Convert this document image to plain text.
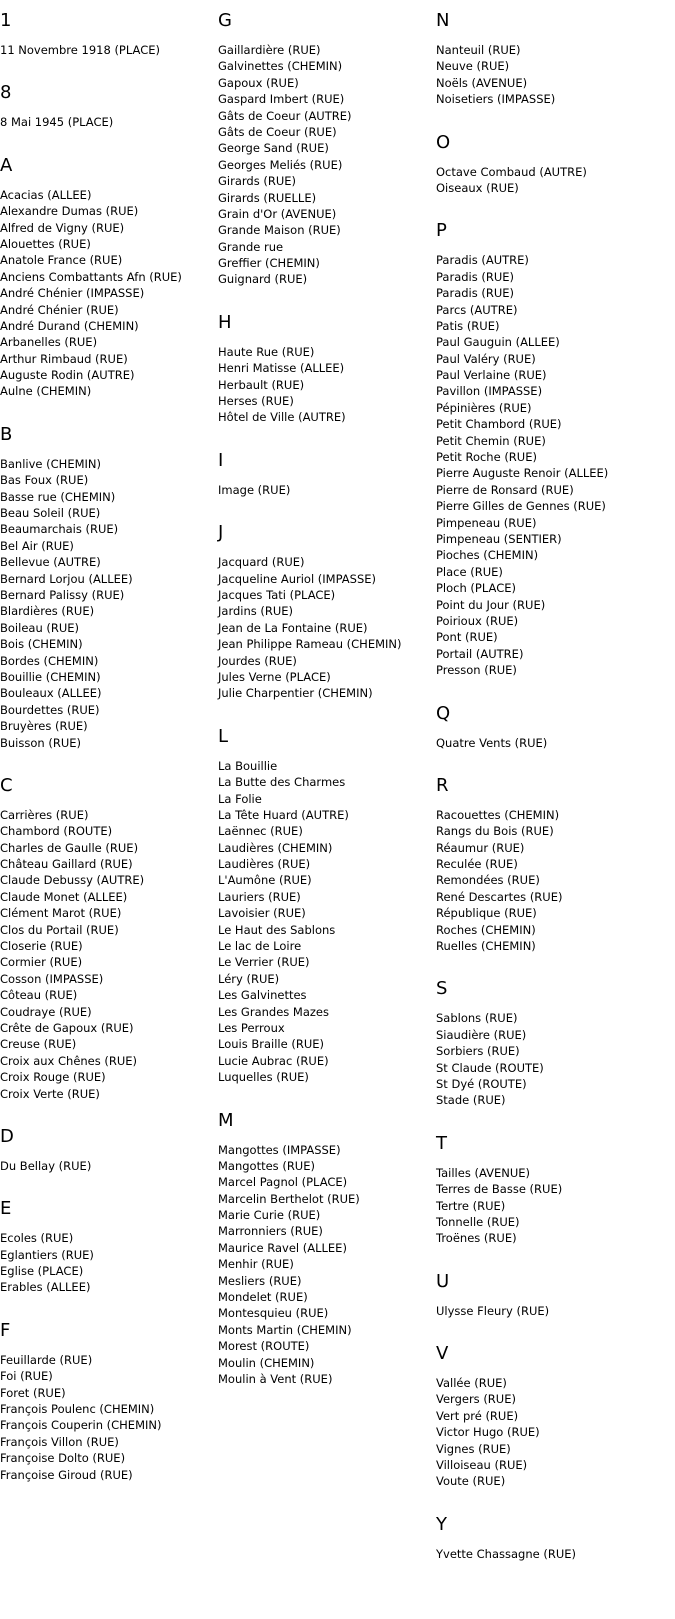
1
11 Novembre 1918 (PLACE)
8
8 Mai 1945 (PLACE)
A
Acacias (ALLEE)
Alexandre Dumas (RUE)
Alfred de Vigny (RUE)
Alouettes (RUE)
Anatole France (RUE)
Anciens Combattants Afn (RUE)
André Chénier (IMPASSE)
André Chénier (RUE)
André Durand (CHEMIN)
Arbanelles (RUE)
Arthur Rimbaud (RUE)
Auguste Rodin (AUTRE)
Aulne (CHEMIN)
B
Banlive (CHEMIN)
Bas Foux (RUE)
Basse rue (CHEMIN)
Beau Soleil (RUE)
Beaumarchais (RUE)
Bel Air (RUE)
Bellevue (AUTRE)
Bernard Lorjou (ALLEE)
Bernard Palissy (RUE)
Blardières (RUE)
Boileau (RUE)
Bois (CHEMIN)
Bordes (CHEMIN)
Bouillie (CHEMIN)
Bouleaux (ALLEE)
Bourdettes (RUE)
Bruyères (RUE)
Buisson (RUE)
C
Carrières (RUE)
Chambord (ROUTE)
Charles de Gaulle (RUE)
Château Gaillard (RUE)
Claude Debussy (AUTRE)
Claude Monet (ALLEE)
Clément Marot (RUE)
Clos du Portail (RUE)
Closerie (RUE)
Cormier (RUE)
Cosson (IMPASSE)
Côteau (RUE)
Coudraye (RUE)
Crête de Gapoux (RUE)
Creuse (RUE)
Croix aux Chênes (RUE)
Croix Rouge (RUE)
Croix Verte (RUE)
D
Du Bellay (RUE)
E
Ecoles (RUE)
Eglantiers (RUE)
Eglise (PLACE)
Erables (ALLEE)
F
Feuillarde (RUE)
Foi (RUE)
Foret (RUE)
François Poulenc (CHEMIN)
François Couperin (CHEMIN)
François Villon (RUE)
Françoise Dolto (RUE)
Françoise Giroud (RUE)
G
Gaillardière (RUE)
Galvinettes (CHEMIN)
Gapoux (RUE)
Gaspard Imbert (RUE)
Gâts de Coeur (AUTRE)
Gâts de Coeur (RUE)
George Sand (RUE)
Georges Meliés (RUE)
Girards (RUE)
Girards (RUELLE)
Grain d'Or (AVENUE)
Grande Maison (RUE)
Grande rue
Greffier (CHEMIN)
Guignard (RUE)
H
Haute Rue (RUE)
Henri Matisse (ALLEE)
Herbault (RUE)
Herses (RUE)
Hôtel de Ville (AUTRE)
I
Image (RUE)
J
Jacquard (RUE)
Jacqueline Auriol (IMPASSE)
Jacques Tati (PLACE)
Jardins (RUE)
Jean de La Fontaine (RUE)
Jean Philippe Rameau (CHEMIN)
Jourdes (RUE)
Jules Verne (PLACE)
Julie Charpentier (CHEMIN)
L
La Bouillie
La Butte des Charmes
La Folie
La Tête Huard (AUTRE)
Laënnec (RUE)
Laudières (CHEMIN)
Laudières (RUE)
L'Aumône (RUE)
Lauriers (RUE)
Lavoisier (RUE)
Le Haut des Sablons
Le lac de Loire
Le Verrier (RUE)
Léry (RUE)
Les Galvinettes
Les Grandes Mazes
Les Perroux
Louis Braille (RUE)
Lucie Aubrac (RUE)
Luquelles (RUE)
M
Mangottes (IMPASSE)
Mangottes (RUE)
Marcel Pagnol (PLACE)
Marcelin Berthelot (RUE)
Marie Curie (RUE)
Marronniers (RUE)
Maurice Ravel (ALLEE)
Menhir (RUE)
Mesliers (RUE)
Mondelet (RUE)
Montesquieu (RUE)
Monts Martin (CHEMIN)
Morest (ROUTE)
Moulin (CHEMIN)
Moulin à Vent (RUE)
N
Nanteuil (RUE)
Neuve (RUE)
Noëls (AVENUE)
Noisetiers (IMPASSE)
O
Octave Combaud (AUTRE)
Oiseaux (RUE)
P
Paradis (AUTRE)
Paradis (RUE)
Paradis (RUE)
Parcs (AUTRE)
Patis (RUE)
Paul Gauguin (ALLEE)
Paul Valéry (RUE)
Paul Verlaine (RUE)
Pavillon (IMPASSE)
Pépinières (RUE)
Petit Chambord (RUE)
Petit Chemin (RUE)
Petit Roche (RUE)
Pierre Auguste Renoir (ALLEE)
Pierre de Ronsard (RUE)
Pierre Gilles de Gennes (RUE)
Pimpeneau (RUE)
Pimpeneau (SENTIER)
Pioches (CHEMIN)
Place (RUE)
Ploch (PLACE)
Point du Jour (RUE)
Poirioux (RUE)
Pont (RUE)
Portail (AUTRE)
Presson (RUE)
Q
Quatre Vents (RUE)
R
Racouettes (CHEMIN)
Rangs du Bois (RUE)
Réaumur (RUE)
Reculée (RUE)
Remondées (RUE)
René Descartes (RUE)
République (RUE)
Roches (CHEMIN)
Ruelles (CHEMIN)
S
Sablons (RUE)
Siaudière (RUE)
Sorbiers (RUE)
St Claude (ROUTE)
St Dyé (ROUTE)
Stade (RUE)
T
Tailles (AVENUE)
Terres de Basse (RUE)
Tertre (RUE)
Tonnelle (RUE)
Troënes (RUE)
U
Ulysse Fleury (RUE)
V
Vallée (RUE)
Vergers (RUE)
Vert pré (RUE)
Victor Hugo (RUE)
Vignes (RUE)
Villoiseau (RUE)
Voute (RUE)
Y
Yvette Chassagne (RUE)
